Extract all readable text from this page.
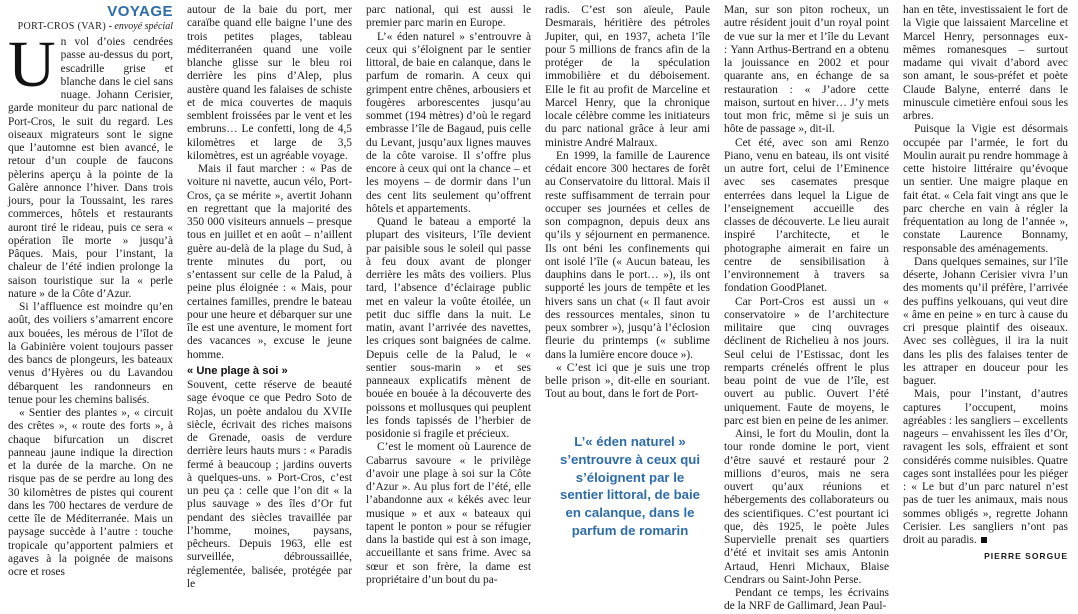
VOYAGE
PORT-CROS (VAR) - envoyé spécial

Un vol d’oies cendrées passe au-dessus du port, escadrille grise et blanche dans le ciel sans nuage. Johann Cerisier, garde moniteur du parc national de Port-Cros, le suit du regard. Les oiseaux migrateurs sont le signe que l’automne est bien avancé, le retour d’un couple de faucons pèlerins aperçu à la pointe de la Galère annonce l’hiver. Dans trois jours, pour la Toussaint, les rares commerces, hôtels et restaurants auront tiré le rideau, puis ce sera « opération île morte » jusqu’à Pâques. Mais, pour l’instant, la chaleur de l’été indien prolonge la saison touristique sur la « perle nature » de la Côte d’Azur.

Si l’affluence est moindre qu’en août, des voiliers s’amarrent encore aux bouées, les mérous de l’îlot de la Gabinière voient toujours passer des bancs de plongeurs, les bateaux venus d’Hyères ou du Lavandou débarquent les randonneurs en tenue pour les chemins balisés.

« Sentier des plantes », « circuit des crêtes », « route des forts », à chaque bifurcation un discret panneau jaune indique la direction et la durée de la marche. On ne risque pas de se perdre au long des 30 kilomètres de pistes qui courent dans les 700 hectares de verdure de cette île de Méditerranée. Mais un paysage succède à l’autre : touche tropicale qu’apportent palmiers et agaves à la poignée de maisons ocre et roses

autour de la baie du port, mer caraïbe quand elle baigne l’une des trois petites plages, tableau méditerranéen quand une voile blanche glisse sur le bleu roi derrière les pins d’Alep, plus austère quand les falaises de schiste et de mica couvertes de maquis semblent froissées par le vent et les embruns… Le confetti, long de 4,5 kilomètres et large de 3,5 kilomètres, est un agréable voyage.

Mais il faut marcher : « Pas de voiture ni navette, aucun vélo, Port-Cros, ça se mérite », avertit Johann en regrettant que la majorité des 350 000 visiteurs annuels – presque tous en juillet et en août – n’aillent guère au-delà de la plage du Sud, à trente minutes du port, ou s’entassent sur celle de la Palud, à peine plus éloignée : « Mais, pour certaines familles, prendre le bateau pour une heure et débarquer sur une île est une aventure, le moment fort des vacances », excuse le jeune homme.

« Une plage à soi »

Souvent, cette réserve de beauté sage évoque ce que Pedro Soto de Rojas, un poète andalou du XVIIe siècle, écrivait des riches maisons de Grenade, oasis de verdure derrière leurs hauts murs : « Paradis fermé à beaucoup ; jardins ouverts à quelques-uns. » Port-Cros, c’est un peu ça : celle que l’on dit « la plus sauvage » des îles d’Or fut pendant des siècles travaillée par l’homme, moines, paysans, pêcheurs. Depuis 1963, elle est surveillée, débroussaillée, réglementée, balisée, protégée par le

parc national, qui est aussi le premier parc marin en Europe.

L’« éden naturel » s’entrouvre à ceux qui s’éloignent par le sentier littoral, de baie en calanque, dans le parfum de romarin. A ceux qui grimpent entre chênes, arbousiers et fougères arborescentes jusqu’au sommet (194 mètres) d’où le regard embrasse l’île de Bagaud, puis celle du Levant, jusqu’aux lignes mauves de la côte varoise. Il s’offre plus encore à ceux qui ont la chance – et les moyens – de dormir dans l’un des cent lits seulement qu’offrent hôtels et appartements.

Quand le bateau a emporté la plupart des visiteurs, l’île devient par paisible sous le soleil qui passe à feu doux avant de plonger derrière les mâts des voiliers. Plus tard, l’absence d’éclairage public met en valeur la voûte étoilée, un petit duc siffle dans la nuit. Le matin, avant l’arrivée des navettes, les criques sont baignées de calme. Depuis celle de la Palud, le « sentier sous-marin » et ses panneaux explicatifs mènent de bouée en bouée à la découverte des poissons et mollusques qui peuplent les fonds tapissés de l’herbier de posidonie si fragile et précieux.

C’est le moment où Laurence de Cabarrus savoure « le privilège d’avoir une plage à soi sur la Côte d’Azur ». Au plus fort de l’été, elle l’abandonne aux « kékés avec leur musique » et aux « bateaux qui tapent le ponton » pour se réfugier dans la bastide qui est à son image, accueillante et sans frime. Avec sa sœur et son frère, la dame est propriétaire d’un bout du pa-

radis. C’est son aïeule, Paule Desmarais, héritière des pétroles Jupiter, qui, en 1937, acheta l’île pour 5 millions de francs afin de la protéger de la spéculation immobilière et du déboisement. Elle le fit au profit de Marceline et Marcel Henry, que la chronique locale célèbre comme les initiateurs du parc national grâce à leur ami ministre André Malraux.

En 1999, la famille de Laurence cédait encore 300 hectares de forêt au Conservatoire du littoral. Mais il reste suffisamment de terrain pour occuper ses journées et celles de son compagnon, depuis deux ans qu’ils y séjournent en permanence. Ils ont béni les confinements qui ont isolé l’île (« Aucun bateau, les dauphins dans le port… »), ils ont supporté les jours de tempête et les hivers sans un chat (« Il faut avoir des ressources mentales, sinon tu peux sombrer »), jusqu’à l’éclosion fleurie du printemps (« sublime dans la lumière encore douce »).

« C’est ici que je suis une trop belle prison », dit-elle en souriant. Tout au bout, dans le fort de Port-

L’« éden naturel » s’entrouvre à ceux qui s’éloignent par le sentier littoral, de baie en calanque, dans le parfum de romarin

Man, sur son piton rocheux, un autre résident jouit d’un royal point de vue sur la mer et l’île du Levant : Yann Arthus-Bertrand en a obtenu la jouissance en 2002 et pour quarante ans, en échange de sa restauration : « J’adore cette maison, surtout en hiver… J’y mets tout mon fric, même si je suis un hôte de passage », dit-il.

Cet été, avec son ami Renzo Piano, venu en bateau, ils ont visité un autre fort, celui de l’Eminence avec ses casemates presque enterrées dans lequel la Ligue de l’enseignement accueille des classes de découverte. Le lieu aurait inspiré l’architecte, et le photographe aimerait en faire un centre de sensibilisation à l’environnement à travers sa fondation GoodPlanet.

Car Port-Cros est aussi un « conservatoire » de l’architecture militaire que cinq ouvrages déclinent de Richelieu à nos jours. Seul celui de l’Estissac, dont les remparts crénelés offrent le plus beau point de vue de l’île, est ouvert au public. Ouvert l’été uniquement. Faute de moyens, le parc est bien en peine de les animer.

Ainsi, le fort du Moulin, dont la tour ronde domine le port, vient d’être sauvé et restauré pour 2 millions d’euros, mais ne sera ouvert qu’aux réunions et hébergements des collaborateurs ou des scientifiques. C’est pourtant ici que, dès 1925, le poète Jules Supervielle prenait ses quartiers d’été et invitait ses amis Antonin Artaud, Henri Michaux, Blaise Cendrars ou Saint-John Perse.

Pendant ce temps, les écrivains de la NRF de Gallimard, Jean Paul-

han en tête, investissaient le fort de la Vigie que laissaient Marceline et Marcel Henry, personnages eux-mêmes romanesques – surtout madame qui vivait d’abord avec son amant, le sous-préfet et poète Claude Balyne, enterré dans le minuscule cimetière enfoui sous les arbres.

Puisque la Vigie est désormais occupée par l’armée, le fort du Moulin aurait pu rendre hommage à cette histoire littéraire qu’évoque un sentier. Une maigre plaque en fait état. « Cela fait vingt ans que le parc cherche en vain à régler la fréquentation au long de l’année », constate Laurence Bonnamy, responsable des aménagements.

Dans quelques semaines, sur l’île déserte, Johann Cerisier vivra l’un des moments qu’il préfère, l’arrivée des puffins yelkouans, qui veut dire « âme en peine » en turc à cause du cri presque plaintif des oiseaux. Avec ses collègues, il ira la nuit dans les plis des falaises tenter de les attraper en douceur pour les baguer.

Mais, pour l’instant, d’autres captures l’occupent, moins agréables : les sangliers – excellents nageurs – envahissent les îles d’Or, ravagent les sols, effraient et sont considérés comme nuisibles. Quatre cages sont installées pour les piéger : « Le but d’un parc naturel n’est pas de tuer les animaux, mais nous sommes obligés », regrette Johann Cerisier. Les sangliers n’ont pas droit au paradis.

PIERRE SORGUE
